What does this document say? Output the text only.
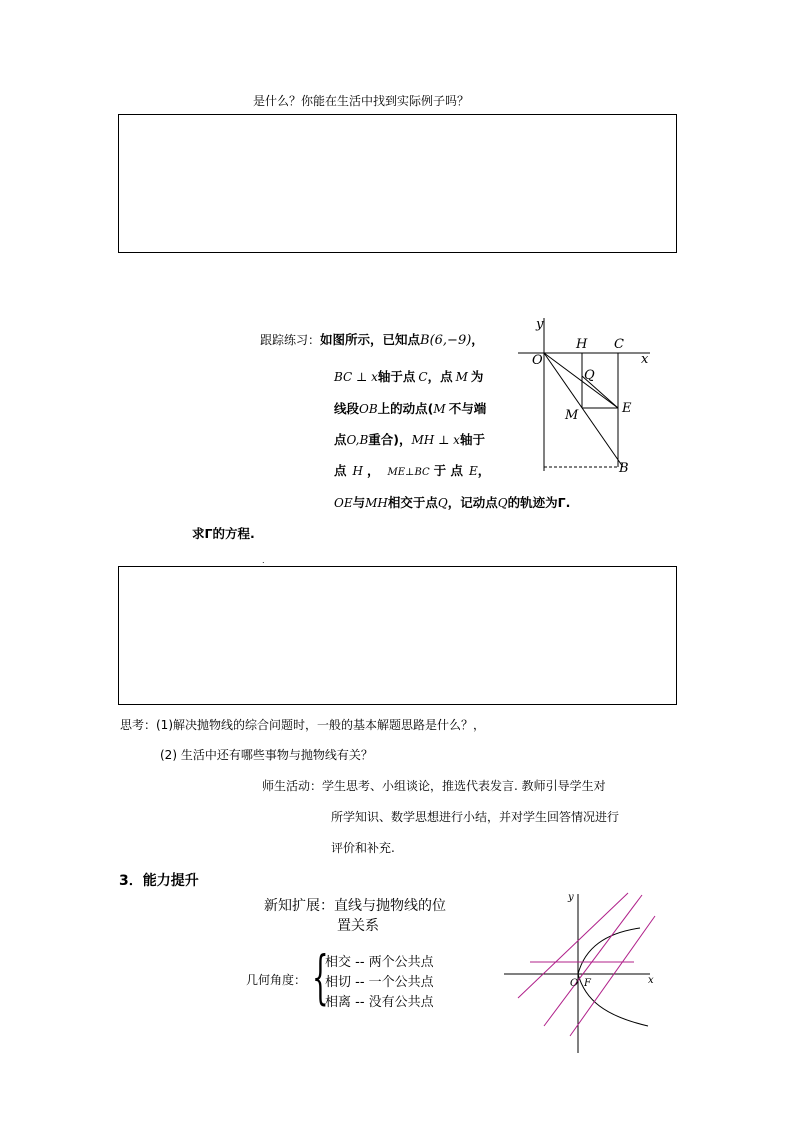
是什么？你能在生活中找到实际例子吗？
跟踪练习：如图所示，已知点B(6,−9)，
BC ⊥ x轴于点 C，点 M 为
线段OB上的动点(M 不与端
点O,B重合)，MH ⊥ x轴于
点 H ， ME⊥BC 于 点 E，
OE与MH相交于点Q，记动点Q的轨迹为Γ.
求Γ的方程.
y
x
O
H C
Q
M	E
B
.
思考：(1)解决抛物线的综合问题时，一般的基本解题思路是什么？，
(2) 生活中还有哪些事物与抛物线有关？
师生活动：学生思考、小组谈论，推选代表发言. 教师引导学生对
所学知识、数学思想进行小结，并对学生回答情况进行
评价和补充.
3．能力提升
新知扩展：直线与抛物线的位
置关系
几何角度： {
相交 -- 两个公共点
相切 -- 一个公共点
相离 -- 没有公共点
y
x
O F
